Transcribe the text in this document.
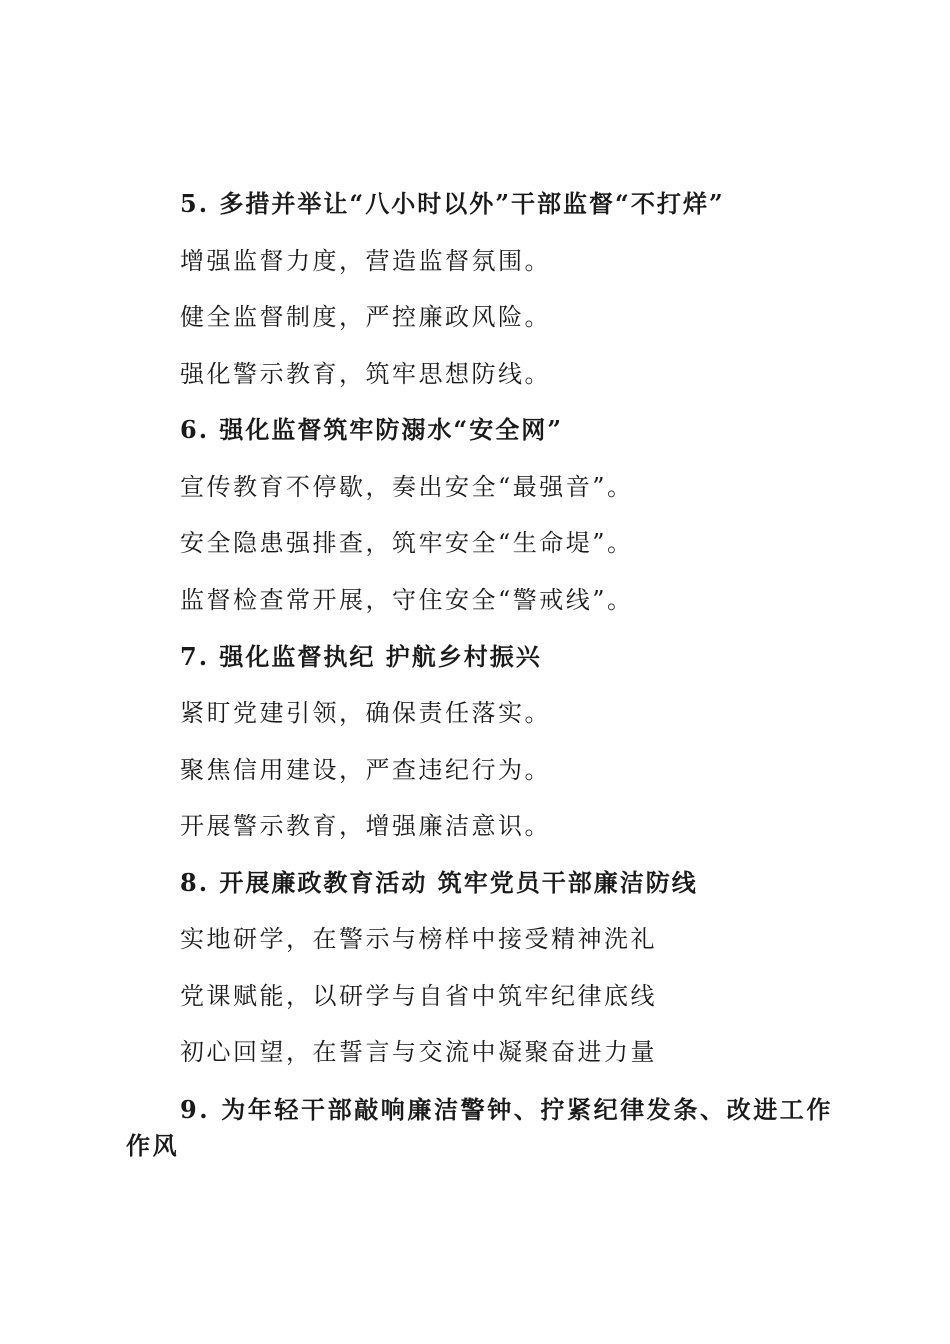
5. 多措并举让“八小时以外”干部监督“不打烊”
增强监督力度，营造监督氛围。
健全监督制度，严控廉政风险。
强化警示教育，筑牢思想防线。
6. 强化监督筑牢防溺水“安全网”
宣传教育不停歇，奏出安全“最强音”。
安全隐患强排查，筑牢安全“生命堤”。
监督检查常开展，守住安全“警戒线”。
7. 强化监督执纪 护航乡村振兴
紧盯党建引领，确保责任落实。
聚焦信用建设，严查违纪行为。
开展警示教育，增强廉洁意识。
8. 开展廉政教育活动 筑牢党员干部廉洁防线
实地研学，在警示与榜样中接受精神洗礼
党课赋能，以研学与自省中筑牢纪律底线
初心回望，在誓言与交流中凝聚奋进力量
9. 为年轻干部敲响廉洁警钟、拧紧纪律发条、改进工作作风
